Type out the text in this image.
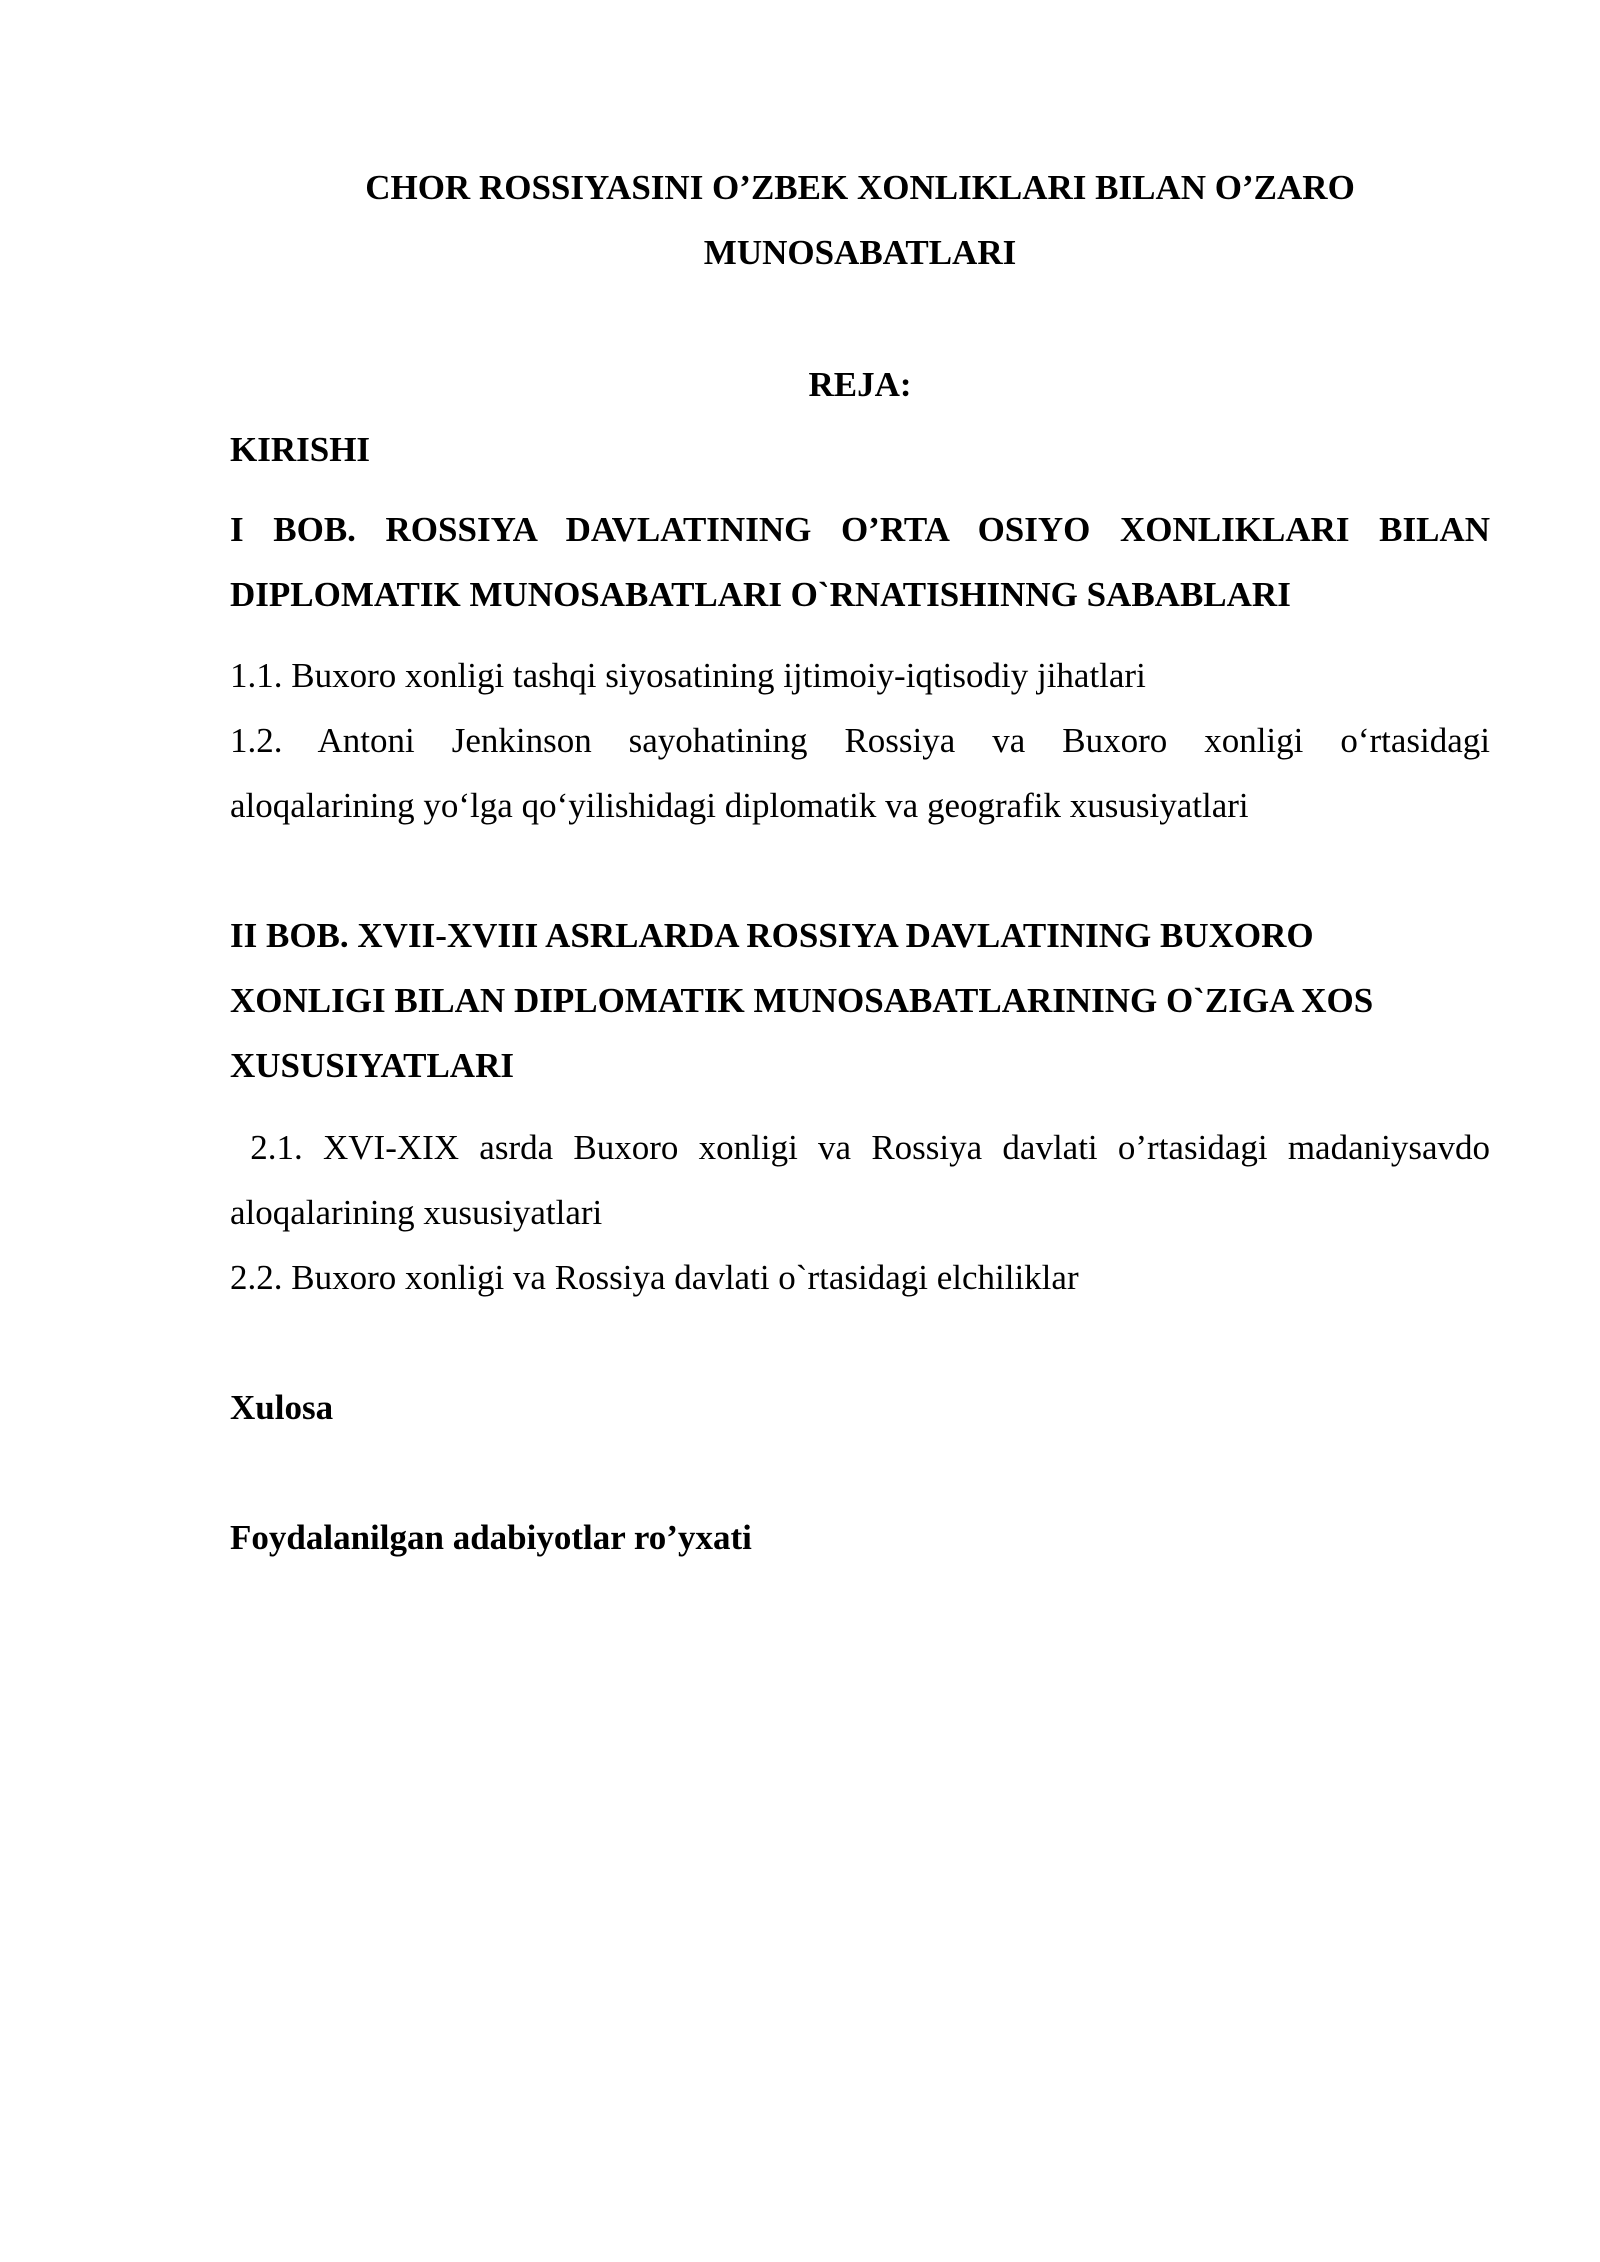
CHOR ROSSIYASINI O’ZBEK XONLIKLARI BILAN O’ZARO
MUNOSABATLARI
REJA:
KIRISHI
I BOB. ROSSIYA DAVLATINING O’RTA OSIYO XONLIKLARI BILAN
DIPLOMATIK MUNOSABATLARI O`RNATISHINNG SABABLARI
1.1. Buxoro xonligi tashqi siyosatining ijtimoiy-iqtisodiy jihatlari
1.2. Antoni Jenkinson sayohatining Rossiya va Buxoro xonligi o‘rtasidagi
aloqalarining yo‘lga qo‘yilishidagi diplomatik va geografik xususiyatlari
II BOB. XVII-XVIII ASRLARDA ROSSIYA DAVLATINING BUXORO
XONLIGI BILAN DIPLOMATIK MUNOSABATLARINING O`ZIGA XOS
XUSUSIYATLARI
2.1. XVI-XIX asrda Buxoro xonligi va Rossiya davlati o’rtasidagi madaniysavdo
aloqalarining xususiyatlari
2.2. Buxoro xonligi va Rossiya davlati o`rtasidagi elchiliklar
Xulosa
Foydalanilgan adabiyotlar ro’yxati
